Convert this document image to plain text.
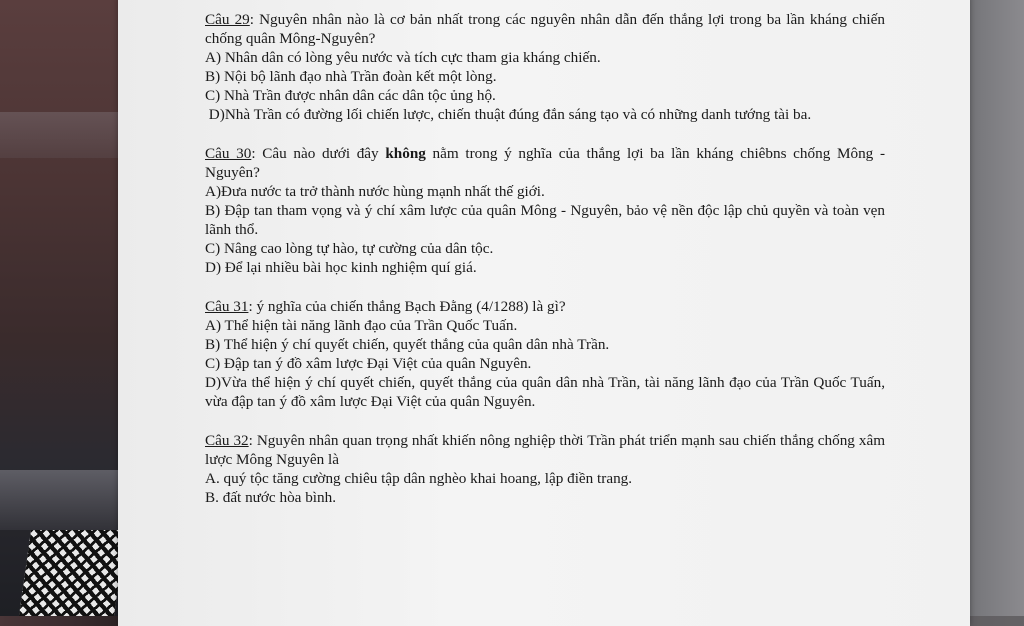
Câu 29: Nguyên nhân nào là cơ bản nhất trong các nguyên nhân dẫn đến thắng lợi trong ba lần kháng chiến chống quân Mông-Nguyên?
A) Nhân dân có lòng yêu nước và tích cực tham gia kháng chiến.
B) Nội bộ lãnh đạo nhà Trần đoàn kết một lòng.
C) Nhà Trần được nhân dân các dân tộc ủng hộ.
D)Nhà Trần có đường lối chiến lược, chiến thuật đúng đắn sáng tạo và có những danh tướng tài ba.
Câu 30: Câu nào dưới đây không nằm trong ý nghĩa của thắng lợi ba lần kháng chiêbns chống Mông - Nguyên?
A)Đưa nước ta trở thành nước hùng mạnh nhất thế giới.
B) Đập tan tham vọng và ý chí xâm lược của quân Mông - Nguyên, bảo vệ nền độc lập chủ quyền và toàn vẹn lãnh thổ.
C) Nâng cao lòng tự hào, tự cường của dân tộc.
D) Để lại nhiều bài học kinh nghiệm quí giá.
Câu 31: ý nghĩa của chiến thắng Bạch Đằng (4/1288) là gì?
A) Thể hiện tài năng lãnh đạo của Trần Quốc Tuấn.
B) Thể hiện ý chí quyết chiến, quyết thắng của quân dân nhà Trần.
C) Đập tan ý đồ xâm lược Đại Việt của quân Nguyên.
D)Vừa thể hiện ý chí quyết chiến, quyết thắng của quân dân nhà Trần, tài năng lãnh đạo của Trần Quốc Tuấn, vừa đập tan ý đồ xâm lược Đại Việt của quân Nguyên.
Câu 32: Nguyên nhân quan trọng nhất khiến nông nghiệp thời Trần phát triển mạnh sau chiến thắng chống xâm lược Mông Nguyên là
A. quý tộc tăng cường chiêu tập dân nghèo khai hoang, lập điền trang.
B. đất nước hòa bình.
